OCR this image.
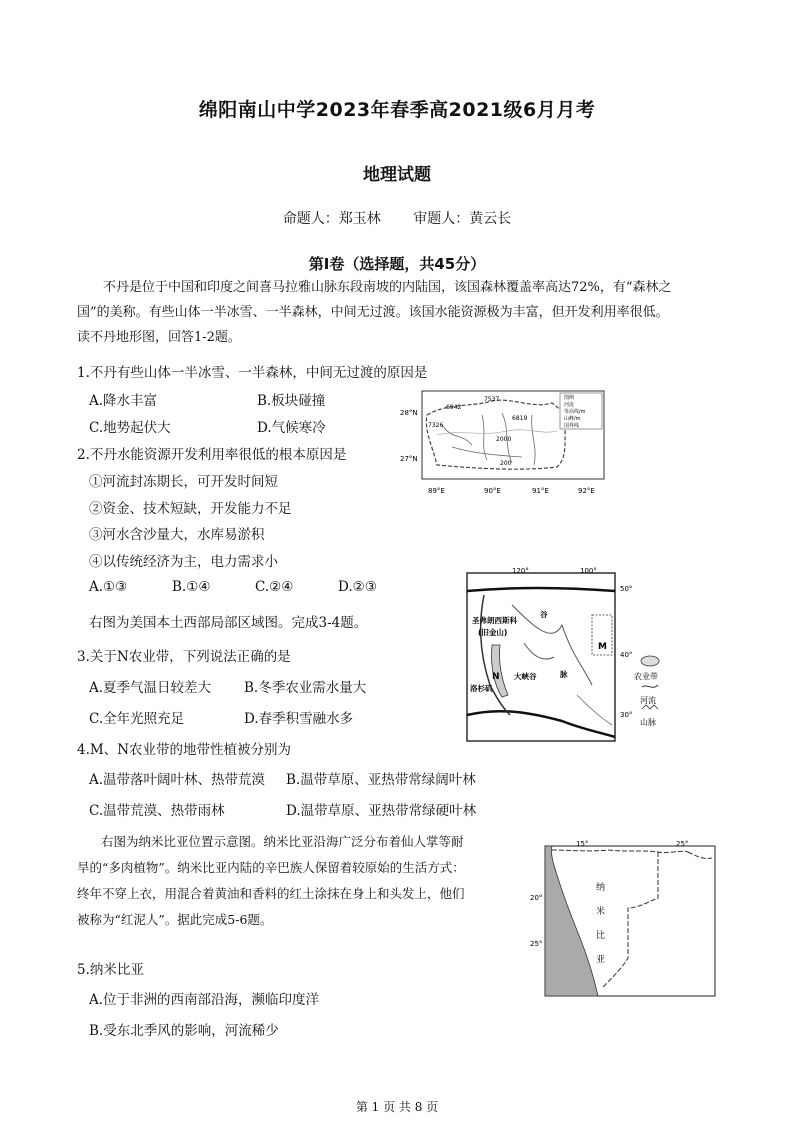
绵阳南山中学2023年春季高2021级6月月考
地理试题
命题人：郑玉林 审题人：黄云长
第Ⅰ卷（选择题，共45分）
不丹是位于中国和印度之间喜马拉雅山脉东段南坡的内陆国，该国森林覆盖率高达72%，有“森林之
国”的美称。有些山体一半冰雪、一半森林，中间无过渡。该国水能资源极为丰富，但开发利用率很低。
读不丹地形图，回答1-2题。
1.不丹有些山体一半冰雪、一半森林，中间无过渡的原因是
A.降水丰富	B.板块碰撞
C.地势起伏大	D.气候寒冷
2.不丹水能资源开发利用率很低的根本原因是
①河流封冻期长，可开发时间短
②资金、技术短缺，开发能力不足
③河水含沙量大，水库易淤积
④以传统经济为主，电力需求小
A.①③	B.①④	C.②④	D.②③
28°N
27°N
89°E	90°E	91°E	92°E
7537
6942
6819
7326
2000
200
图例
河流
等高线/m
山峰/m
国界线
右图为美国本土西部局部区域图。完成3-4题。
3.关于N农业带，下列说法正确的是
A.夏季气温日较差大 B.冬季农业需水量大
C.全年光照充足	D.春季积雪融水多
120°	100°
50°
40°
30°
圣弗朗西斯科
(旧金山)
洛杉矶
大峡谷
N
M
谷
脉	农业带
河流
山脉
4.M、N农业带的地带性植被分别为
A.温带落叶阔叶林、热带荒漠 B.温带草原、亚热带常绿阔叶林
C.温带荒漠、热带雨林	D.温带草原、亚热带常绿硬叶林
右图为纳米比亚位置示意图。纳米比亚沿海广泛分布着仙人掌等耐
旱的“多肉植物”。纳米比亚内陆的辛巴族人保留着较原始的生活方式：
终年不穿上衣，用混合着黄油和香料的红土涂抹在身上和头发上，他们
被称为“红泥人”。据此完成5-6题。
15°	25°
20°
25°
纳
米
比
亚
5.纳米比亚
A.位于非洲的西南部沿海，濒临印度洋
B.受东北季风的影响，河流稀少
第 1 页 共 8 页
